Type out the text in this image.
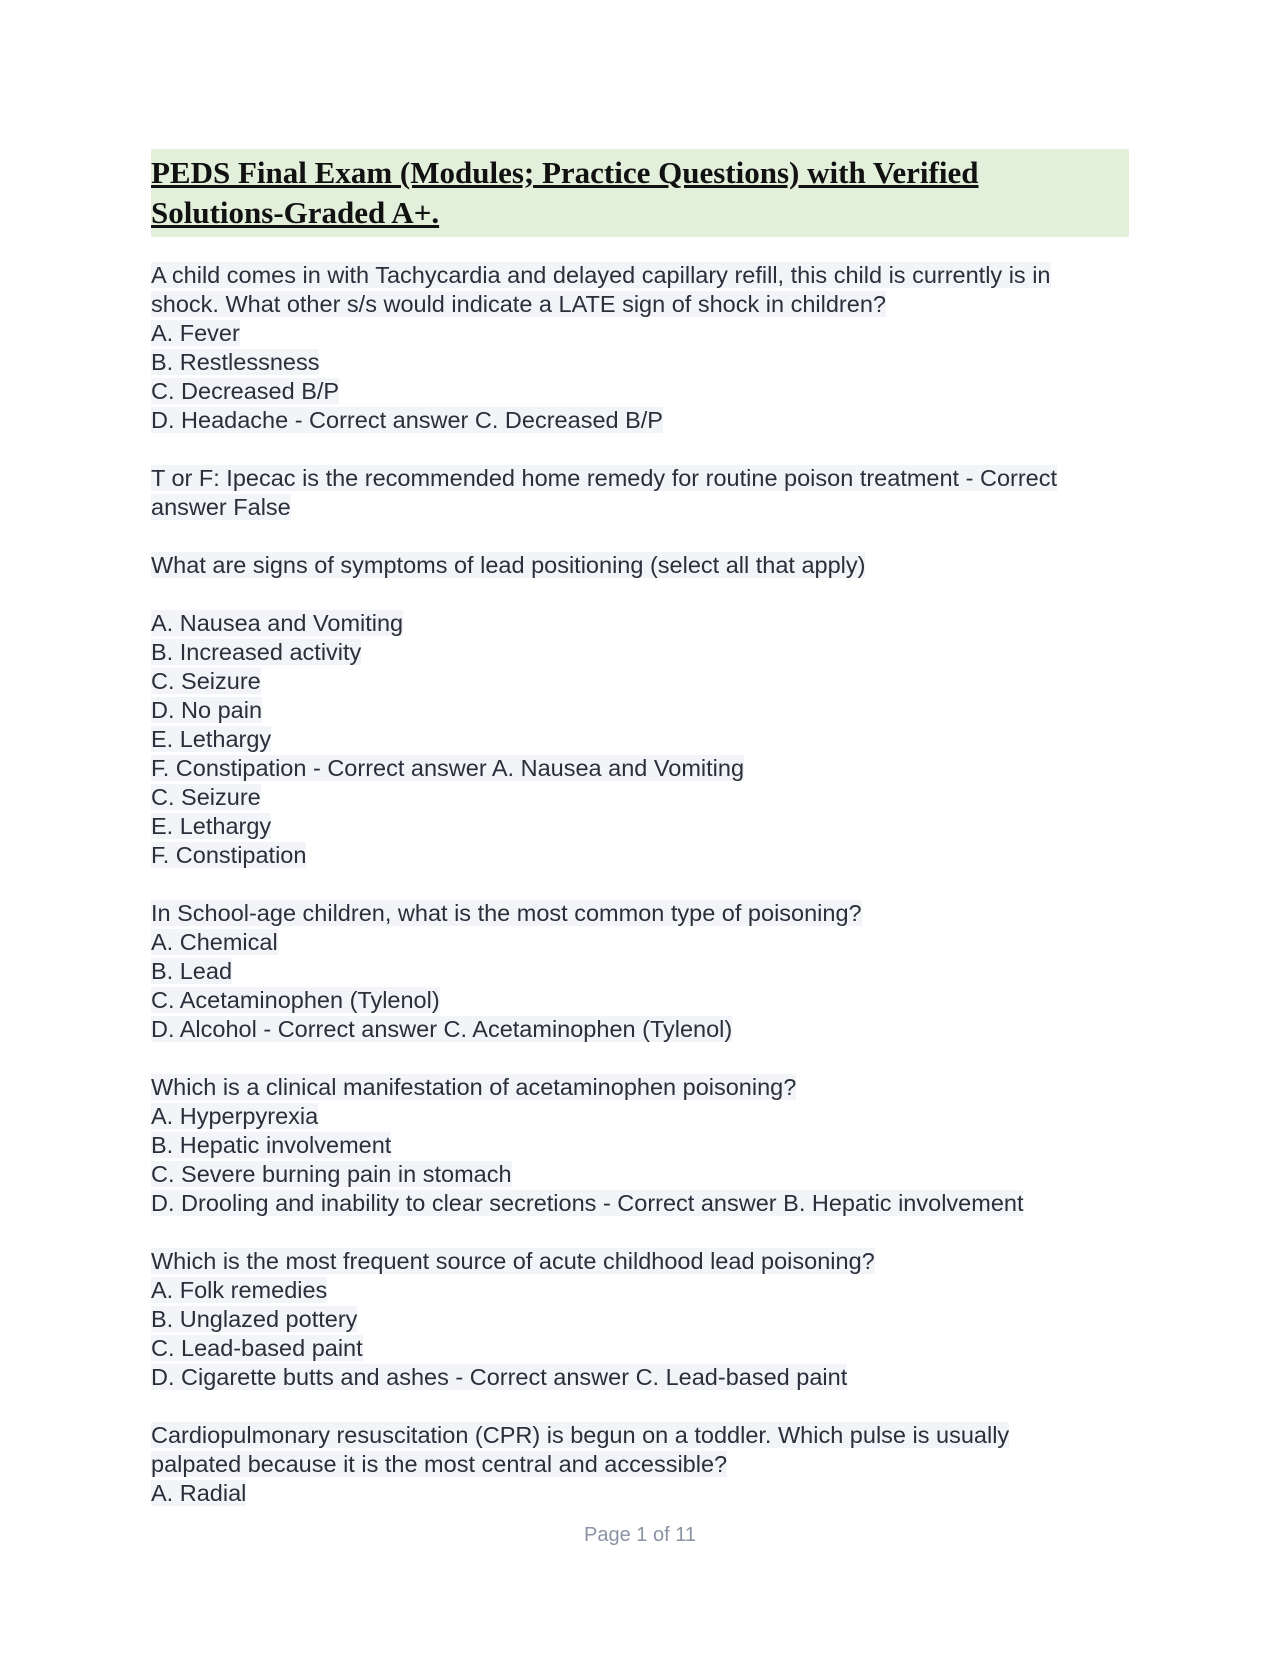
PEDS Final Exam (Modules; Practice Questions) with Verified
Solutions-Graded A+.
A child comes in with Tachycardia and delayed capillary refill, this child is currently is in
shock. What other s/s would indicate a LATE sign of shock in children?
A. Fever
B. Restlessness
C. Decreased B/P
D. Headache - Correct answer C. Decreased B/P
T or F: Ipecac is the recommended home remedy for routine poison treatment - Correct
answer False
What are signs of symptoms of lead positioning (select all that apply)
A. Nausea and Vomiting
B. Increased activity
C. Seizure
D. No pain
E. Lethargy
F. Constipation - Correct answer A. Nausea and Vomiting
C. Seizure
E. Lethargy
F. Constipation
In School-age children, what is the most common type of poisoning?
A. Chemical
B. Lead
C. Acetaminophen (Tylenol)
D. Alcohol - Correct answer C. Acetaminophen (Tylenol)
Which is a clinical manifestation of acetaminophen poisoning?
A. Hyperpyrexia
B. Hepatic involvement
C. Severe burning pain in stomach
D. Drooling and inability to clear secretions - Correct answer B. Hepatic involvement
Which is the most frequent source of acute childhood lead poisoning?
A. Folk remedies
B. Unglazed pottery
C. Lead-based paint
D. Cigarette butts and ashes - Correct answer C. Lead-based paint
Cardiopulmonary resuscitation (CPR) is begun on a toddler. Which pulse is usually
palpated because it is the most central and accessible?
A. Radial
Page 1 of 11
